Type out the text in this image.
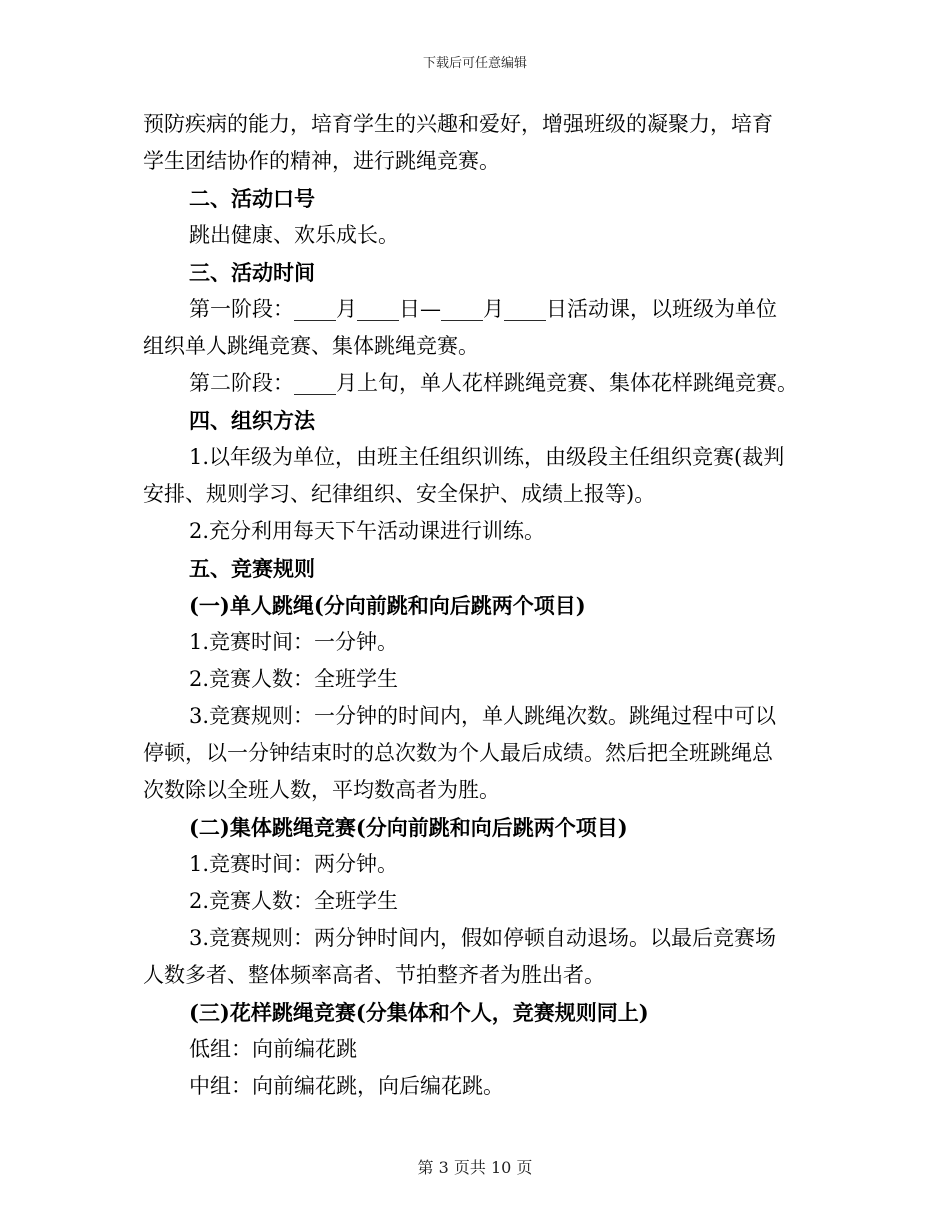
下载后可任意编辑
预防疾病的能力，培育学生的兴趣和爱好，增强班级的凝聚力，培育
学生团结协作的精神，进行跳绳竞赛。
二、活动口号
跳出健康、欢乐成长。
三、活动时间
第一阶段：____月____日—____月____日活动课，以班级为单位
组织单人跳绳竞赛、集体跳绳竞赛。
第二阶段：____月上旬，单人花样跳绳竞赛、集体花样跳绳竞赛。
四、组织方法
1.以年级为单位，由班主任组织训练，由级段主任组织竞赛(裁判
安排、规则学习、纪律组织、安全保护、成绩上报等)。
2.充分利用每天下午活动课进行训练。
五、竞赛规则
(一)单人跳绳(分向前跳和向后跳两个项目)
1.竞赛时间：一分钟。
2.竞赛人数：全班学生
3.竞赛规则：一分钟的时间内，单人跳绳次数。跳绳过程中可以
停顿，以一分钟结束时的总次数为个人最后成绩。然后把全班跳绳总
次数除以全班人数，平均数高者为胜。
(二)集体跳绳竞赛(分向前跳和向后跳两个项目)
1.竞赛时间：两分钟。
2.竞赛人数：全班学生
3.竞赛规则：两分钟时间内，假如停顿自动退场。以最后竞赛场
人数多者、整体频率高者、节拍整齐者为胜出者。
(三)花样跳绳竞赛(分集体和个人，竞赛规则同上)
低组：向前编花跳
中组：向前编花跳，向后编花跳。
第 3 页共 10 页
